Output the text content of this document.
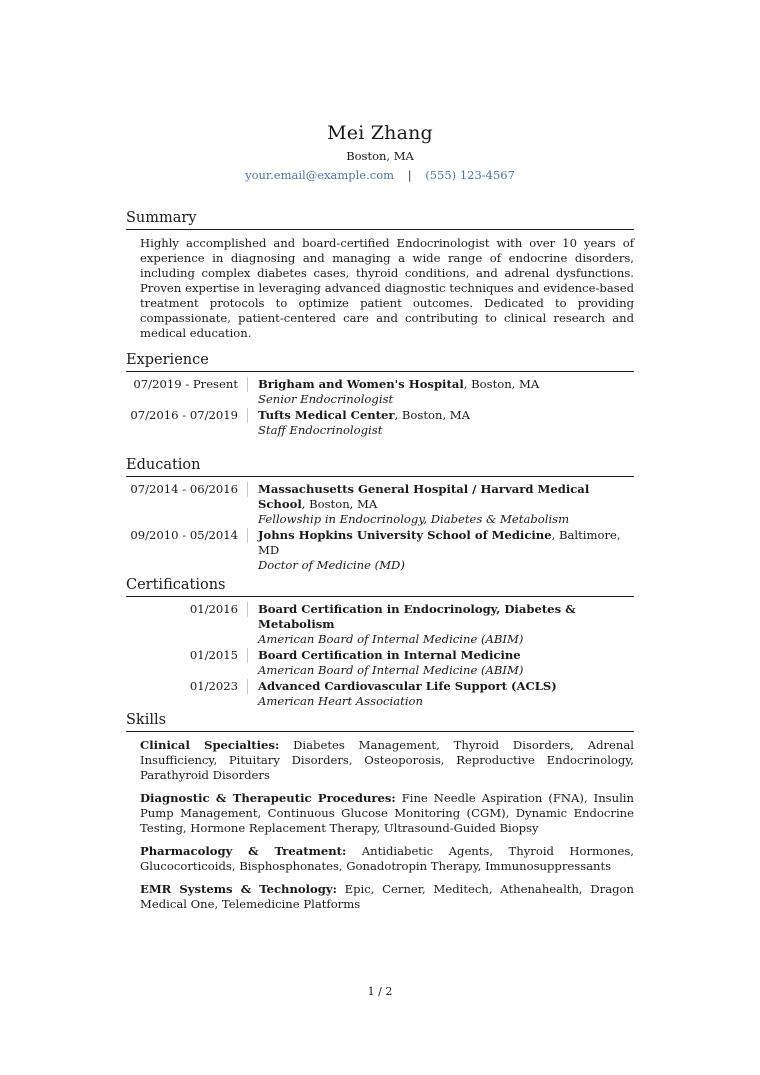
Mei Zhang
Boston, MA
your.email@example.com | (555) 123-4567
Summary
Highly accomplished and board-certified Endocrinologist with over 10 years of experience in diagnosing and managing a wide range of endocrine disorders, including complex diabetes cases, thyroid conditions, and adrenal dysfunctions. Proven expertise in leveraging advanced diagnostic techniques and evidence-based treatment protocols to optimize patient outcomes. Dedicated to providing compassionate, patient-centered care and contributing to clinical research and medical education.
Experience
07/2019 - Present	Brigham and Women's Hospital, Boston, MA
Senior Endocrinologist
07/2016 - 07/2019	Tufts Medical Center, Boston, MA
Staff Endocrinologist
Education
07/2014 - 06/2016	Massachusetts General Hospital / Harvard Medical School, Boston, MA
Fellowship in Endocrinology, Diabetes & Metabolism
09/2010 - 05/2014	Johns Hopkins University School of Medicine, Baltimore, MD
Doctor of Medicine (MD)
Certifications
01/2016	Board Certification in Endocrinology, Diabetes & Metabolism
American Board of Internal Medicine (ABIM)
01/2015	Board Certification in Internal Medicine
American Board of Internal Medicine (ABIM)
01/2023	Advanced Cardiovascular Life Support (ACLS)
American Heart Association
Skills
Clinical Specialties: Diabetes Management, Thyroid Disorders, Adrenal Insufficiency, Pituitary Disorders, Osteoporosis, Reproductive Endocrinology, Parathyroid Disorders
Diagnostic & Therapeutic Procedures: Fine Needle Aspiration (FNA), Insulin Pump Management, Continuous Glucose Monitoring (CGM), Dynamic Endocrine Testing, Hormone Replacement Therapy, Ultrasound-Guided Biopsy
Pharmacology & Treatment: Antidiabetic Agents, Thyroid Hormones, Glucocorticoids, Bisphosphonates, Gonadotropin Therapy, Immunosuppressants
EMR Systems & Technology: Epic, Cerner, Meditech, Athenahealth, Dragon Medical One, Telemedicine Platforms
1 / 2
